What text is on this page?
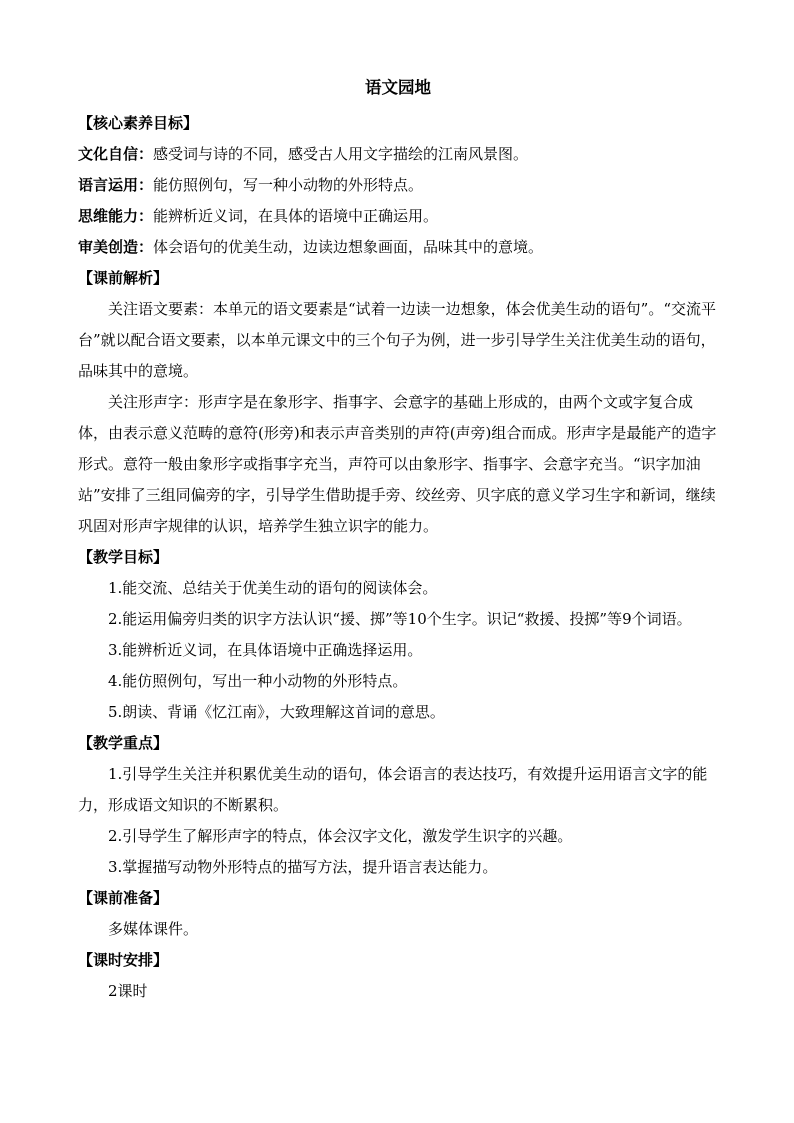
语文园地
【核心素养目标】

文化自信：感受词与诗的不同，感受古人用文字描绘的江南风景图。

语言运用：能仿照例句，写一种小动物的外形特点。

思维能力：能辨析近义词，在具体的语境中正确运用。

审美创造：体会语句的优美生动，边读边想象画面，品味其中的意境。

【课前解析】

关注语文要素：本单元的语文要素是“试着一边读一边想象，体会优美生动的语句”。“交流平台”就以配合语文要素，以本单元课文中的三个句子为例，进一步引导学生关注优美生动的语句，品味其中的意境。

关注形声字：形声字是在象形字、指事字、会意字的基础上形成的，由两个文或字复合成体，由表示意义范畴的意符(形旁)和表示声音类别的声符(声旁)组合而成。形声字是最能产的造字形式。意符一般由象形字或指事字充当，声符可以由象形字、指事字、会意字充当。“识字加油站”安排了三组同偏旁的字，引导学生借助提手旁、绞丝旁、贝字底的意义学习生字和新词，继续巩固对形声字规律的认识，培养学生独立识字的能力。

【教学目标】

1.能交流、总结关于优美生动的语句的阅读体会。

2.能运用偏旁归类的识字方法认识“援、掷”等10个生字。识记“救援、投掷”等9个词语。

3.能辨析近义词，在具体语境中正确选择运用。

4.能仿照例句，写出一种小动物的外形特点。

5.朗读、背诵《忆江南》，大致理解这首词的意思。

【教学重点】

1.引导学生关注并积累优美生动的语句，体会语言的表达技巧，有效提升运用语言文字的能力，形成语文知识的不断累积。

2.引导学生了解形声字的特点，体会汉字文化，激发学生识字的兴趣。

3.掌握描写动物外形特点的描写方法，提升语言表达能力。

【课前准备】

多媒体课件。

【课时安排】

2课时
